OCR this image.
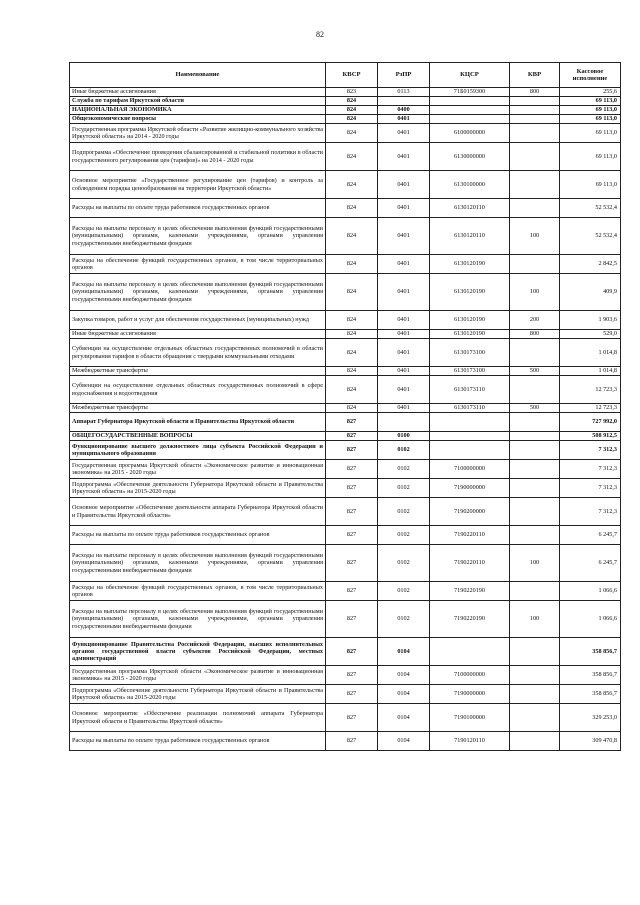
82
Наименование	КВСР	РзПР	КЦСР	КВР	Кассовое исполнение
Иные бюджетные ассигнования	823	0113	71Б0159300	800	255,6
Служба по тарифам Иркутской области	824				69 113,0
НАЦИОНАЛЬНАЯ ЭКОНОМИКА	824	0400			69 113,0
Общеэкономические вопросы	824	0401			69 113,0
Государственная программа Иркутской области «Развитие жилищно-коммунального хозяйства Иркутской области» на 2014 - 2020 годы	824	0401	6100000000		69 113,0
Подпрограмма «Обеспечение проведения сбалансированной и стабильной политики в области государственного регулирования цен (тарифов)» на 2014 - 2020 годы	824	0401	6130000000		69 113,0
Основное мероприятие «Государственное регулирование цен (тарифов) и контроль за соблюдением порядка ценообразования на территории Иркутской области»	824	0401	6130100000		69 113,0
Расходы на выплаты по оплате труда работников государственных органов	824	0401	6130120110		52 532,4
Расходы на выплаты персоналу в целях обеспечения выполнения функций государственными (муниципальными) органами, казенными учреждениями, органами управления государственными внебюджетными фондами	824	0401	6130120110	100	52 532,4
Расходы на обеспечение функций государственных органов, в том числе территориальных органов	824	0401	6130120190		2 842,5
Расходы на выплаты персоналу в целях обеспечения выполнения функций государственными (муниципальными) органами, казенными учреждениями, органами управления государственными внебюджетными фондами	824	0401	6130120190	100	409,9
Закупка товаров, работ и услуг для обеспечения государственных (муниципальных) нужд	824	0401	6130120190	200	1 903,6
Иные бюджетные ассигнования	824	0401	6130120190	800	529,0
Субвенции на осуществление отдельных областных государственных полномочий в области регулирования тарифов в области обращения с твердыми коммунальными отходами	824	0401	6130173100		1 014,8
Межбюджетные трансферты	824	0401	6130173100	500	1 014,8
Субвенции на осуществление отдельных областных государственных полномочий в сфере водоснабжения и водоотведения	824	0401	6130173110		12 723,3
Межбюджетные трансферты	824	0401	6130173110	500	12 723,3
Аппарат Губернатора Иркутской области и Правительства Иркутской области	827				727 992,0
ОБЩЕГОСУДАРСТВЕННЫЕ ВОПРОСЫ	827	0100			508 912,5
Функционирование высшего должностного лица субъекта Российской Федерации и муниципального образования	827	0102			7 312,3
Государственная программа Иркутской области «Экономическое развитие и инновационная экономика» на 2015 - 2020 годы	827	0102	7100000000		7 312,3
Подпрограмма «Обеспечение деятельности Губернатора Иркутской области и Правительства Иркутской области» на 2015-2020 годы	827	0102	7190000000		7 312,3
Основное мероприятие «Обеспечение деятельности аппарата Губернатора Иркутской области и Правительства Иркутской области»	827	0102	7190200000		7 312,3
Расходы на выплаты по оплате труда работников государственных органов	827	0102	7190220110		6 245,7
Расходы на выплаты персоналу в целях обеспечения выполнения функций государственными (муниципальными) органами, казенными учреждениями, органами управления государственными внебюджетными фондами	827	0102	7190220110	100	6 245,7
Расходы на обеспечение функций государственных органов, в том числе территориальных органов	827	0102	7190220190		1 066,6
Расходы на выплаты персоналу в целях обеспечения выполнения функций государственными (муниципальными) органами, казенными учреждениями, органами управления государственными внебюджетными фондами	827	0102	7190220190	100	1 066,6
Функционирование Правительства Российской Федерации, высших исполнительных органов государственной власти субъектов Российской Федерации, местных администраций	827	0104			358 856,7
Государственная программа Иркутской области «Экономическое развитие и инновационная экономика» на 2015 - 2020 годы	827	0104	7100000000		358 856,7
Подпрограмма «Обеспечение деятельности Губернатора Иркутской области и Правительства Иркутской области» на 2015-2020 годы	827	0104	7190000000		358 856,7
Основное мероприятие «Обеспечение реализации полномочий аппарата Губернатора Иркутской области и Правительства Иркутской области»	827	0104	7190100000		329 253,0
Расходы на выплаты по оплате труда работников государственных органов	827	0104	7190120110		309 470,8
